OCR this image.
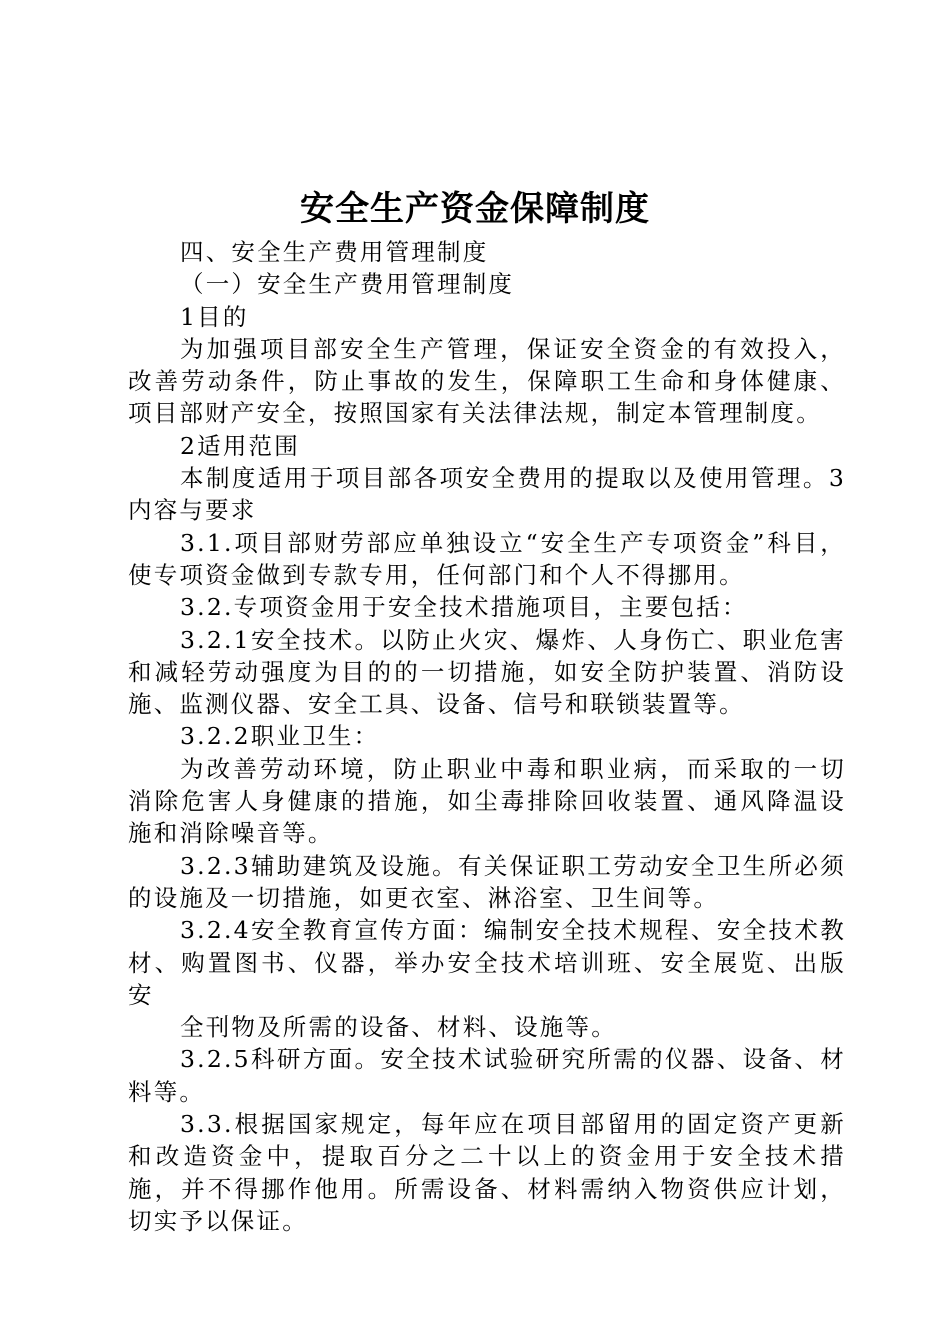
安全生产资金保障制度

四、安全生产费用管理制度

（一）安全生产费用管理制度

1目的

为加强项目部安全生产管理，保证安全资金的有效投入，改善劳动条件，防止事故的发生，保障职工生命和身体健康、项目部财产安全，按照国家有关法律法规，制定本管理制度。

2适用范围

本制度适用于项目部各项安全费用的提取以及使用管理。3内容与要求

3.1.项目部财劳部应单独设立“安全生产专项资金”科目，使专项资金做到专款专用，任何部门和个人不得挪用。

3.2.专项资金用于安全技术措施项目，主要包括：

3.2.1安全技术。以防止火灾、爆炸、人身伤亡、职业危害和减轻劳动强度为目的的一切措施，如安全防护装置、消防设施、监测仪器、安全工具、设备、信号和联锁装置等。

3.2.2职业卫生：

为改善劳动环境，防止职业中毒和职业病，而采取的一切消除危害人身健康的措施，如尘毒排除回收装置、通风降温设施和消除噪音等。

3.2.3辅助建筑及设施。有关保证职工劳动安全卫生所必须的设施及一切措施，如更衣室、淋浴室、卫生间等。

3.2.4安全教育宣传方面：编制安全技术规程、安全技术教材、购置图书、仪器，举办安全技术培训班、安全展览、出版安

全刊物及所需的设备、材料、设施等。

3.2.5科研方面。安全技术试验研究所需的仪器、设备、材料等。

3.3.根据国家规定，每年应在项目部留用的固定资产更新和改造资金中，提取百分之二十以上的资金用于安全技术措施，并不得挪作他用。所需设备、材料需纳入物资供应计划，切实予以保证。
